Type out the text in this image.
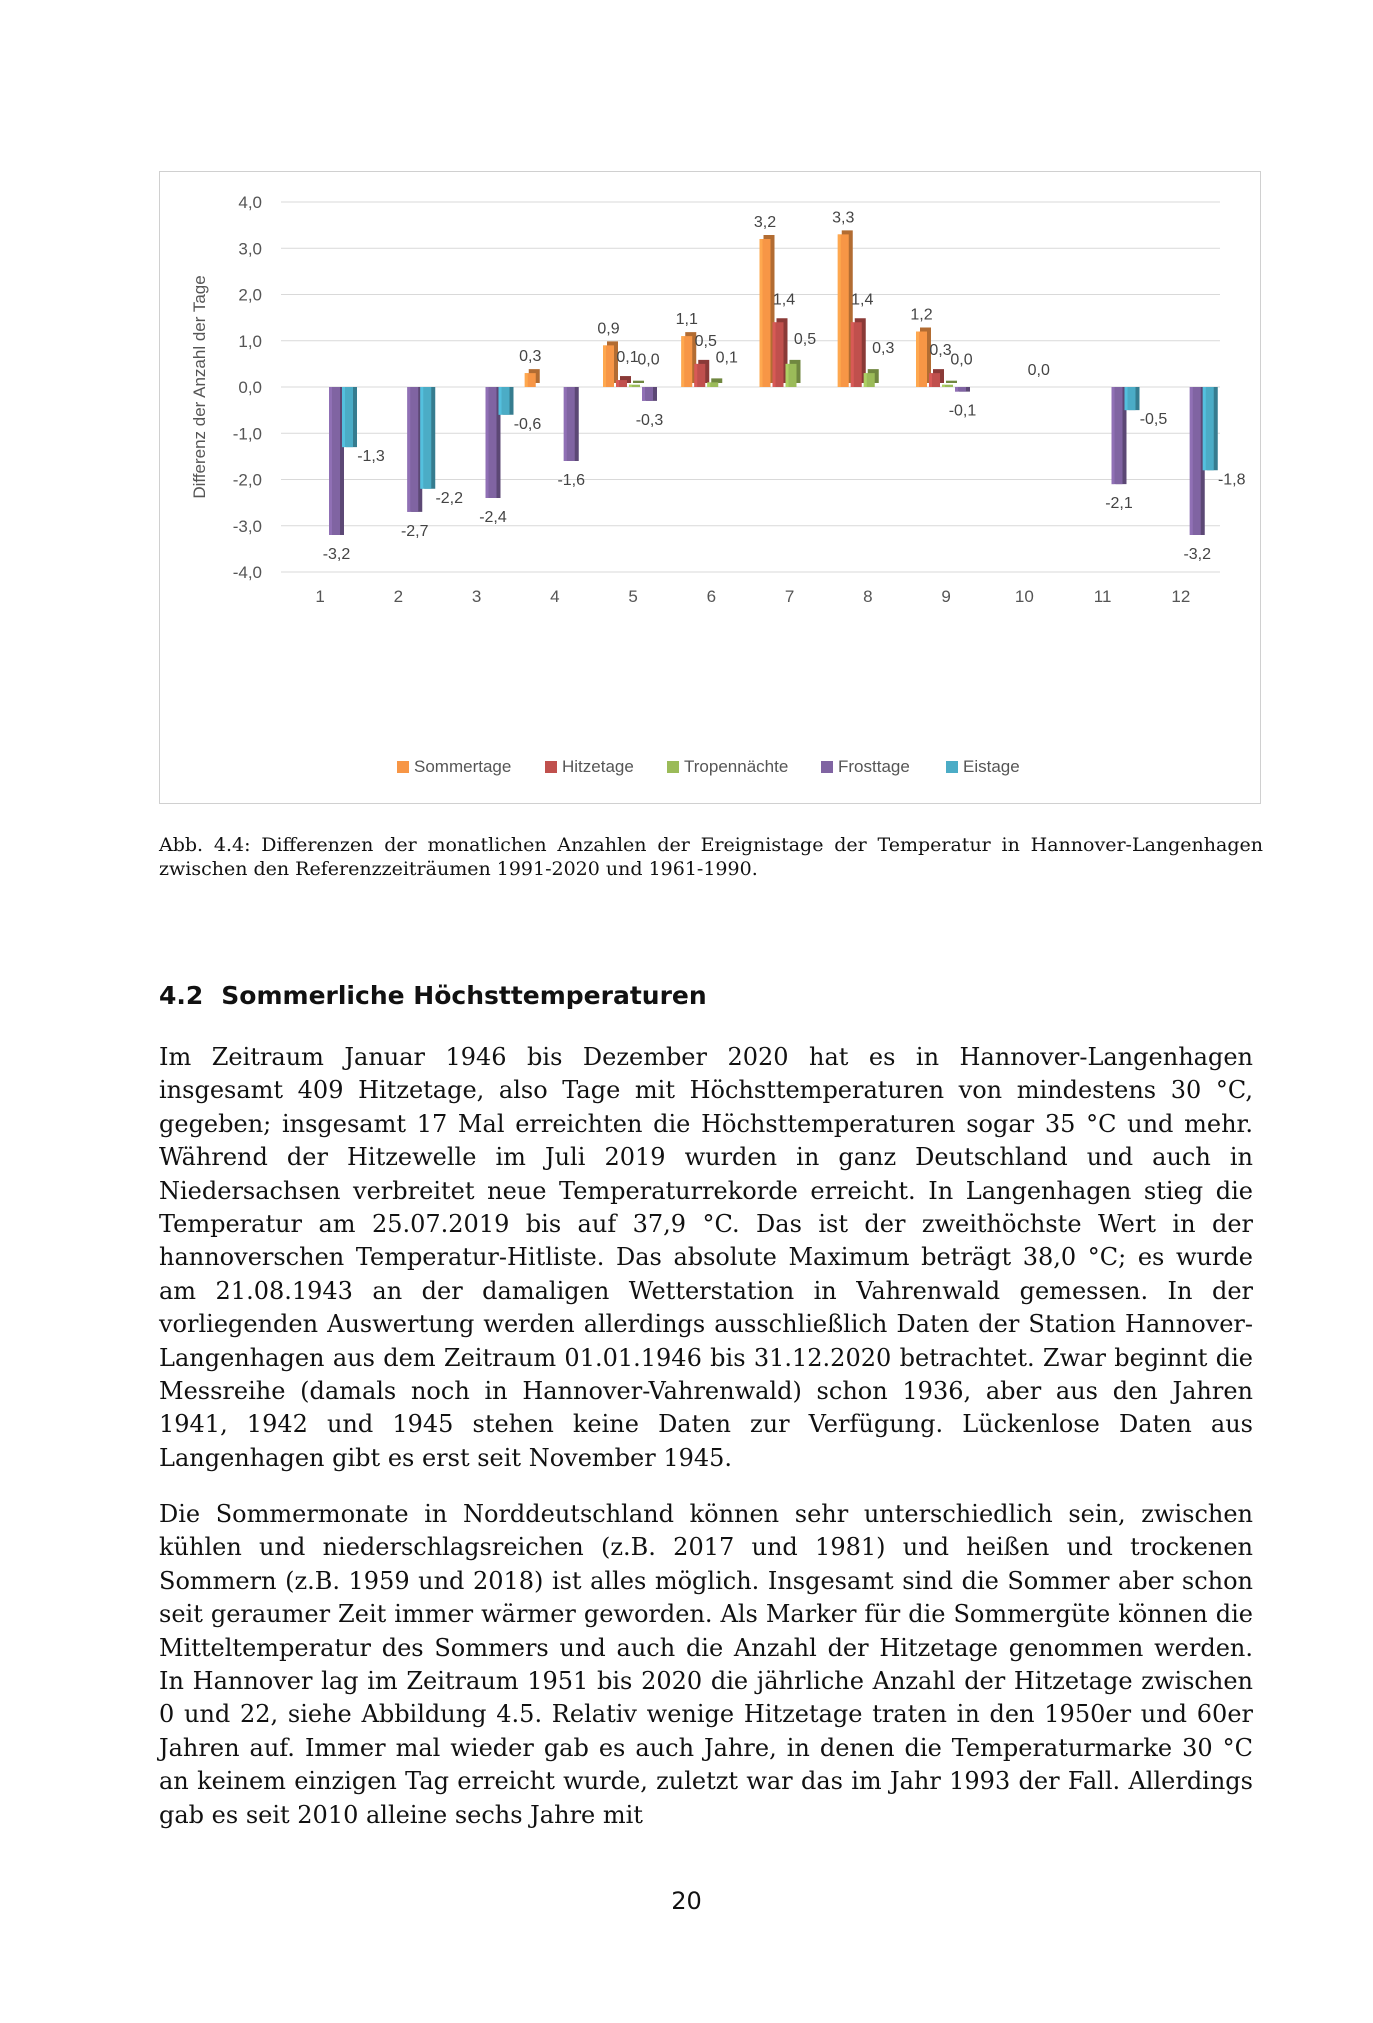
4,0
3,0
2,0
1,0
0,0
-1,0
-2,0
-3,0
-4,0
Differenz der Anzahl der Tage
-3,2
-1,3
1
-2,7
-2,2
2
-2,4
-0,6
3
0,3
-1,6
4
0,9
0,1
0,0
-0,3
5
1,1
0,5
0,1
6
3,2
1,4
0,5
7
3,3
1,4
0,3
8
1,2
0,3
0,0
-0,1
9
0,0
10
-2,1
-0,5
11
-3,2
-1,8
12
Sommertage	Hitzetage	Tropennächte	Frosttage	Eistage
Abb. 4.4: Differenzen der monatlichen Anzahlen der Ereignistage der Temperatur in Hannover-Langenhagen zwischen den Referenzzeiträumen 1991-2020 und 1961-1990.
4.2 Sommerliche Höchsttemperaturen

Im Zeitraum Januar 1946 bis Dezember 2020 hat es in Hannover-Langenhagen insgesamt 409 Hitzetage, also Tage mit Höchsttemperaturen von mindestens 30 °C, gegeben; insgesamt 17 Mal erreichten die Höchsttemperaturen sogar 35 °C und mehr. Während der Hitzewelle im Juli 2019 wurden in ganz Deutschland und auch in Niedersachsen verbreitet neue Temperaturrekorde erreicht. In Langenhagen stieg die Temperatur am 25.07.2019 bis auf 37,9 °C. Das ist der zweithöchste Wert in der hannoverschen Temperatur-Hitliste. Das absolute Maximum beträgt 38,0 °C; es wurde am 21.08.1943 an der damaligen Wetterstation in Vahrenwald gemessen. In der vorliegenden Auswertung werden allerdings ausschließlich Daten der Station Hannover-Langenhagen aus dem Zeitraum 01.01.1946 bis 31.12.2020 betrachtet. Zwar beginnt die Messreihe (damals noch in Hannover-Vahrenwald) schon 1936, aber aus den Jahren 1941, 1942 und 1945 stehen keine Daten zur Verfügung. Lückenlose Daten aus Langenhagen gibt es erst seit November 1945.

Die Sommermonate in Norddeutschland können sehr unterschiedlich sein, zwischen kühlen und niederschlagsreichen (z.B. 2017 und 1981) und heißen und trockenen Sommern (z.B. 1959 und 2018) ist alles möglich. Insgesamt sind die Sommer aber schon seit geraumer Zeit immer wärmer geworden. Als Marker für die Sommergüte können die Mitteltemperatur des Sommers und auch die Anzahl der Hitzetage genommen werden. In Hannover lag im Zeitraum 1951 bis 2020 die jährliche Anzahl der Hitzetage zwischen 0 und 22, siehe Abbildung 4.5. Relativ wenige Hitzetage traten in den 1950er und 60er Jahren auf. Immer mal wieder gab es auch Jahre, in denen die Temperaturmarke 30 °C an keinem einzigen Tag erreicht wurde, zuletzt war das im Jahr 1993 der Fall. Allerdings gab es seit 2010 alleine sechs Jahre mit

20
